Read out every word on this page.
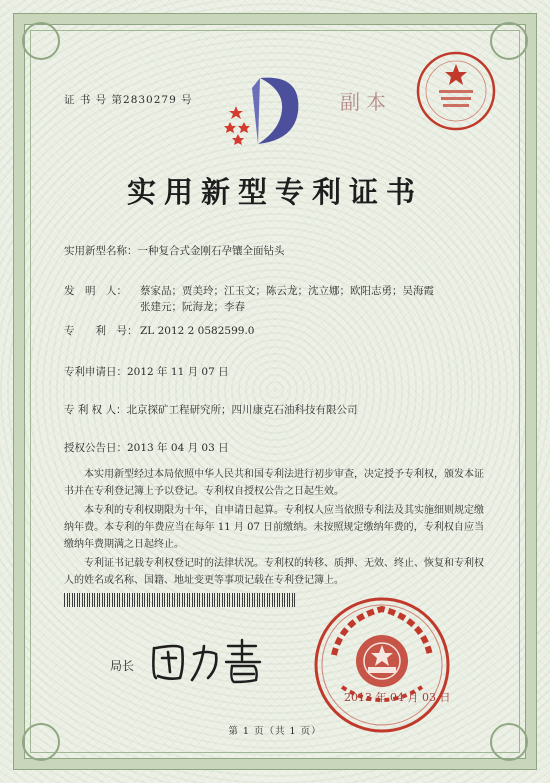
证 书 号 第2830279 号	副本
实用新型专利证书
实用新型名称：一种复合式金刚石孕镶全面钻头
发　明　人： 蔡家品；贾美玲；江玉文；陈云龙；沈立娜；欧阳志勇；吴海霞
张建元；阮海龙；李春
专　　利　号： ZL 2012 2 0582599.0
专利申请日：2012 年 11 月 07 日
专 利 权 人：北京探矿工程研究所；四川康克石油科技有限公司
授权公告日：2013 年 04 月 03 日
本实用新型经过本局依照中华人民共和国专利法进行初步审查，决定授予专利权，颁发本证书并在专利登记簿上予以登记。专利权自授权公告之日起生效。
本专利的专利权期限为十年，自申请日起算。专利权人应当依照专利法及其实施细则规定缴纳年费。本专利的年费应当在每年 11 月 07 日前缴纳。未按照规定缴纳年费的，专利权自应当缴纳年费期满之日起终止。
专利证书记载专利权登记时的法律状况。专利权的转移、质押、无效、终止、恢复和专利权人的姓名或名称、国籍、地址变更等事项记载在专利登记簿上。
局长
2013 年 04 月 03 日
第 1 页（共 1 页）
